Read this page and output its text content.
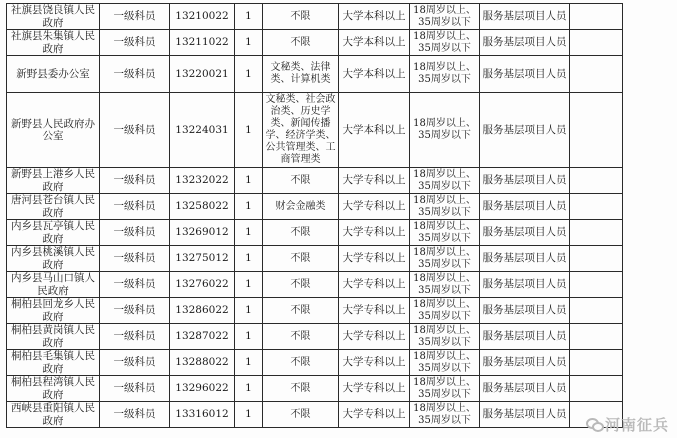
社旗县饶良镇人民政府	一级科员	13210022	1	不限	大学本科以上	18周岁以上、35周岁以下	服务基层项目人员	
社旗县朱集镇人民政府	一级科员	13211022	1	不限	大学本科以上	18周岁以上、35周岁以下	服务基层项目人员	
新野县委办公室	一级科员	13220021	1	文秘类、法律类、计算机类	大学本科以上	18周岁以上、35周岁以下	服务基层项目人员	
新野县人民政府办公室	一级科员	13224031	1	文秘类、社会政治类、历史学类、新闻传播学、经济学类、公共管理类、工商管理类	大学本科以上	18周岁以上、35周岁以下	服务基层项目人员	
新野县上港乡人民政府	一级科员	13232022	1	不限	大学专科以上	18周岁以上、35周岁以下	服务基层项目人员	
唐河县苍台镇人民政府	一级科员	13258022	1	财会金融类	大学专科以上	18周岁以上、35周岁以下	服务基层项目人员	
内乡县瓦亭镇人民政府	一级科员	13269012	1	不限	大学专科以上	18周岁以上、35周岁以下	服务基层项目人员	
内乡县桃溪镇人民政府	一级科员	13275012	1	不限	大学专科以上	18周岁以上、35周岁以下	服务基层项目人员	
内乡县马山口镇人民政府	一级科员	13276022	1	不限	大学专科以上	18周岁以上、35周岁以下	服务基层项目人员	
桐柏县回龙乡人民政府	一级科员	13286022	1	不限	大学专科以上	18周岁以上、35周岁以下	服务基层项目人员	
桐柏县黄岗镇人民政府	一级科员	13287022	1	不限	大学专科以上	18周岁以上、35周岁以下	服务基层项目人员	
桐柏县毛集镇人民政府	一级科员	13288022	1	不限	大学专科以上	18周岁以上、35周岁以下	服务基层项目人员	
桐柏县程湾镇人民政府	一级科员	13296022	1	不限	大学专科以上	18周岁以上、35周岁以下	服务基层项目人员	
西峡县重阳镇人民政府	一级科员	13316012	1	不限	大学专科以上	18周岁以上、35周岁以下	服务基层项目人员	
河南征兵
